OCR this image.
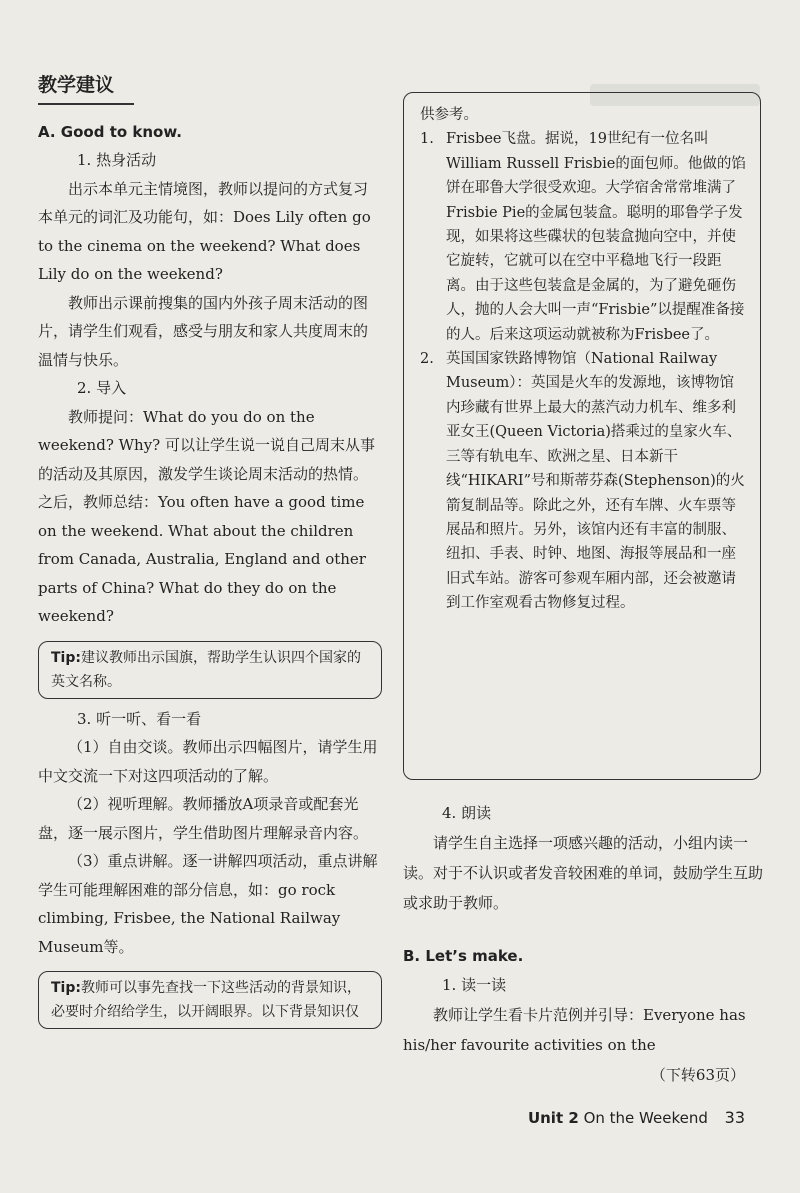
教学建议

A. Good to know.

1. 热身活动

出示本单元主情境图，教师以提问的方式复习本单元的词汇及功能句，如：Does Lily often go to the cinema on the weekend? What does Lily do on the weekend?

教师出示课前搜集的国内外孩子周末活动的图片，请学生们观看，感受与朋友和家人共度周末的温情与快乐。

2. 导入

教师提问：What do you do on the weekend? Why? 可以让学生说一说自己周末从事的活动及其原因，激发学生谈论周末活动的热情。之后，教师总结：You often have a good time on the weekend. What about the children from Canada, Australia, England and other parts of China? What do they do on the weekend?

Tip:建议教师出示国旗，帮助学生认识四个国家的英文名称。

3. 听一听、看一看

（1）自由交谈。教师出示四幅图片，请学生用中文交流一下对这四项活动的了解。

（2）视听理解。教师播放A项录音或配套光盘，逐一展示图片，学生借助图片理解录音内容。

（3）重点讲解。逐一讲解四项活动，重点讲解学生可能理解困难的部分信息，如：go rock climbing, Frisbee, the National Railway Museum等。

Tip:教师可以事先查找一下这些活动的背景知识，必要时介绍给学生，以开阔眼界。以下背景知识仅

供参考。

1. Frisbee飞盘。据说，19世纪有一位名叫William Russell Frisbie的面包师。他做的馅饼在耶鲁大学很受欢迎。大学宿舍常常堆满了Frisbie Pie的金属包装盒。聪明的耶鲁学子发现，如果将这些碟状的包装盒抛向空中，并使它旋转，它就可以在空中平稳地飞行一段距离。由于这些包装盒是金属的，为了避免砸伤人，抛的人会大叫一声“Frisbie”以提醒准备接的人。后来这项运动就被称为Frisbee了。
2. 英国国家铁路博物馆（National Railway Museum）：英国是火车的发源地，该博物馆内珍藏有世界上最大的蒸汽动力机车、维多利亚女王(Queen Victoria)搭乘过的皇家火车、三等有轨电车、欧洲之星、日本新干线“HIKARI”号和斯蒂芬森(Stephenson)的火箭复制品等。除此之外，还有车牌、火车票等展品和照片。另外，该馆内还有丰富的制服、纽扣、手表、时钟、地图、海报等展品和一座旧式车站。游客可参观车厢内部，还会被邀请到工作室观看古物修复过程。

4. 朗读

请学生自主选择一项感兴趣的活动，小组内读一读。对于不认识或者发音较困难的单词，鼓励学生互助或求助于教师。

B. Let’s make.

1. 读一读

教师让学生看卡片范例并引导：Everyone has his/her favourite activities on the

（下转63页）

Unit 2 On the Weekend 33
